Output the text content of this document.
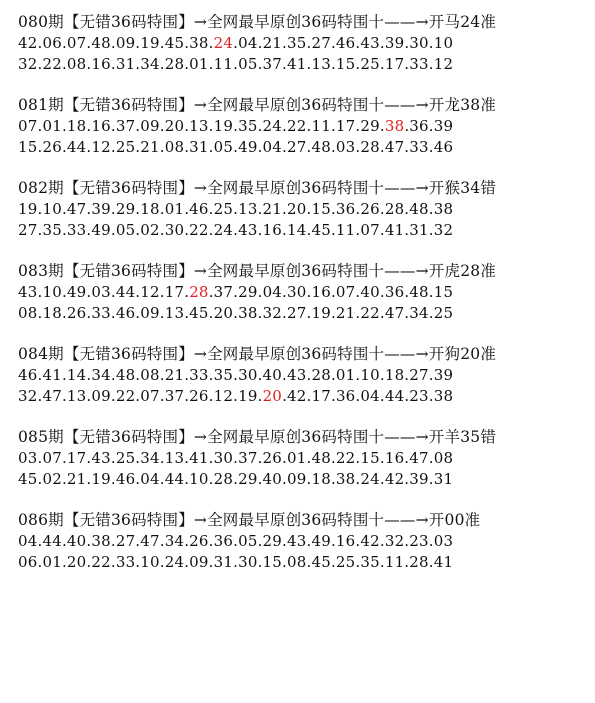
080期【无错36码特围】→全网最早原创36码特围十——→开马24准
42.06.07.48.09.19.45.38.24.04.21.35.27.46.43.39.30.10
32.22.08.16.31.34.28.01.11.05.37.41.13.15.25.17.33.12
081期【无错36码特围】→全网最早原创36码特围十——→开龙38准
07.01.18.16.37.09.20.13.19.35.24.22.11.17.29.38.36.39
15.26.44.12.25.21.08.31.05.49.04.27.48.03.28.47.33.46
082期【无错36码特围】→全网最早原创36码特围十——→开猴34错
19.10.47.39.29.18.01.46.25.13.21.20.15.36.26.28.48.38
27.35.33.49.05.02.30.22.24.43.16.14.45.11.07.41.31.32
083期【无错36码特围】→全网最早原创36码特围十——→开虎28准
43.10.49.03.44.12.17.28.37.29.04.30.16.07.40.36.48.15
08.18.26.33.46.09.13.45.20.38.32.27.19.21.22.47.34.25
084期【无错36码特围】→全网最早原创36码特围十——→开狗20准
46.41.14.34.48.08.21.33.35.30.40.43.28.01.10.18.27.39
32.47.13.09.22.07.37.26.12.19.20.42.17.36.04.44.23.38
085期【无错36码特围】→全网最早原创36码特围十——→开羊35错
03.07.17.43.25.34.13.41.30.37.26.01.48.22.15.16.47.08
45.02.21.19.46.04.44.10.28.29.40.09.18.38.24.42.39.31
086期【无错36码特围】→全网最早原创36码特围十——→开00准
04.44.40.38.27.47.34.26.36.05.29.43.49.16.42.32.23.03
06.01.20.22.33.10.24.09.31.30.15.08.45.25.35.11.28.41
